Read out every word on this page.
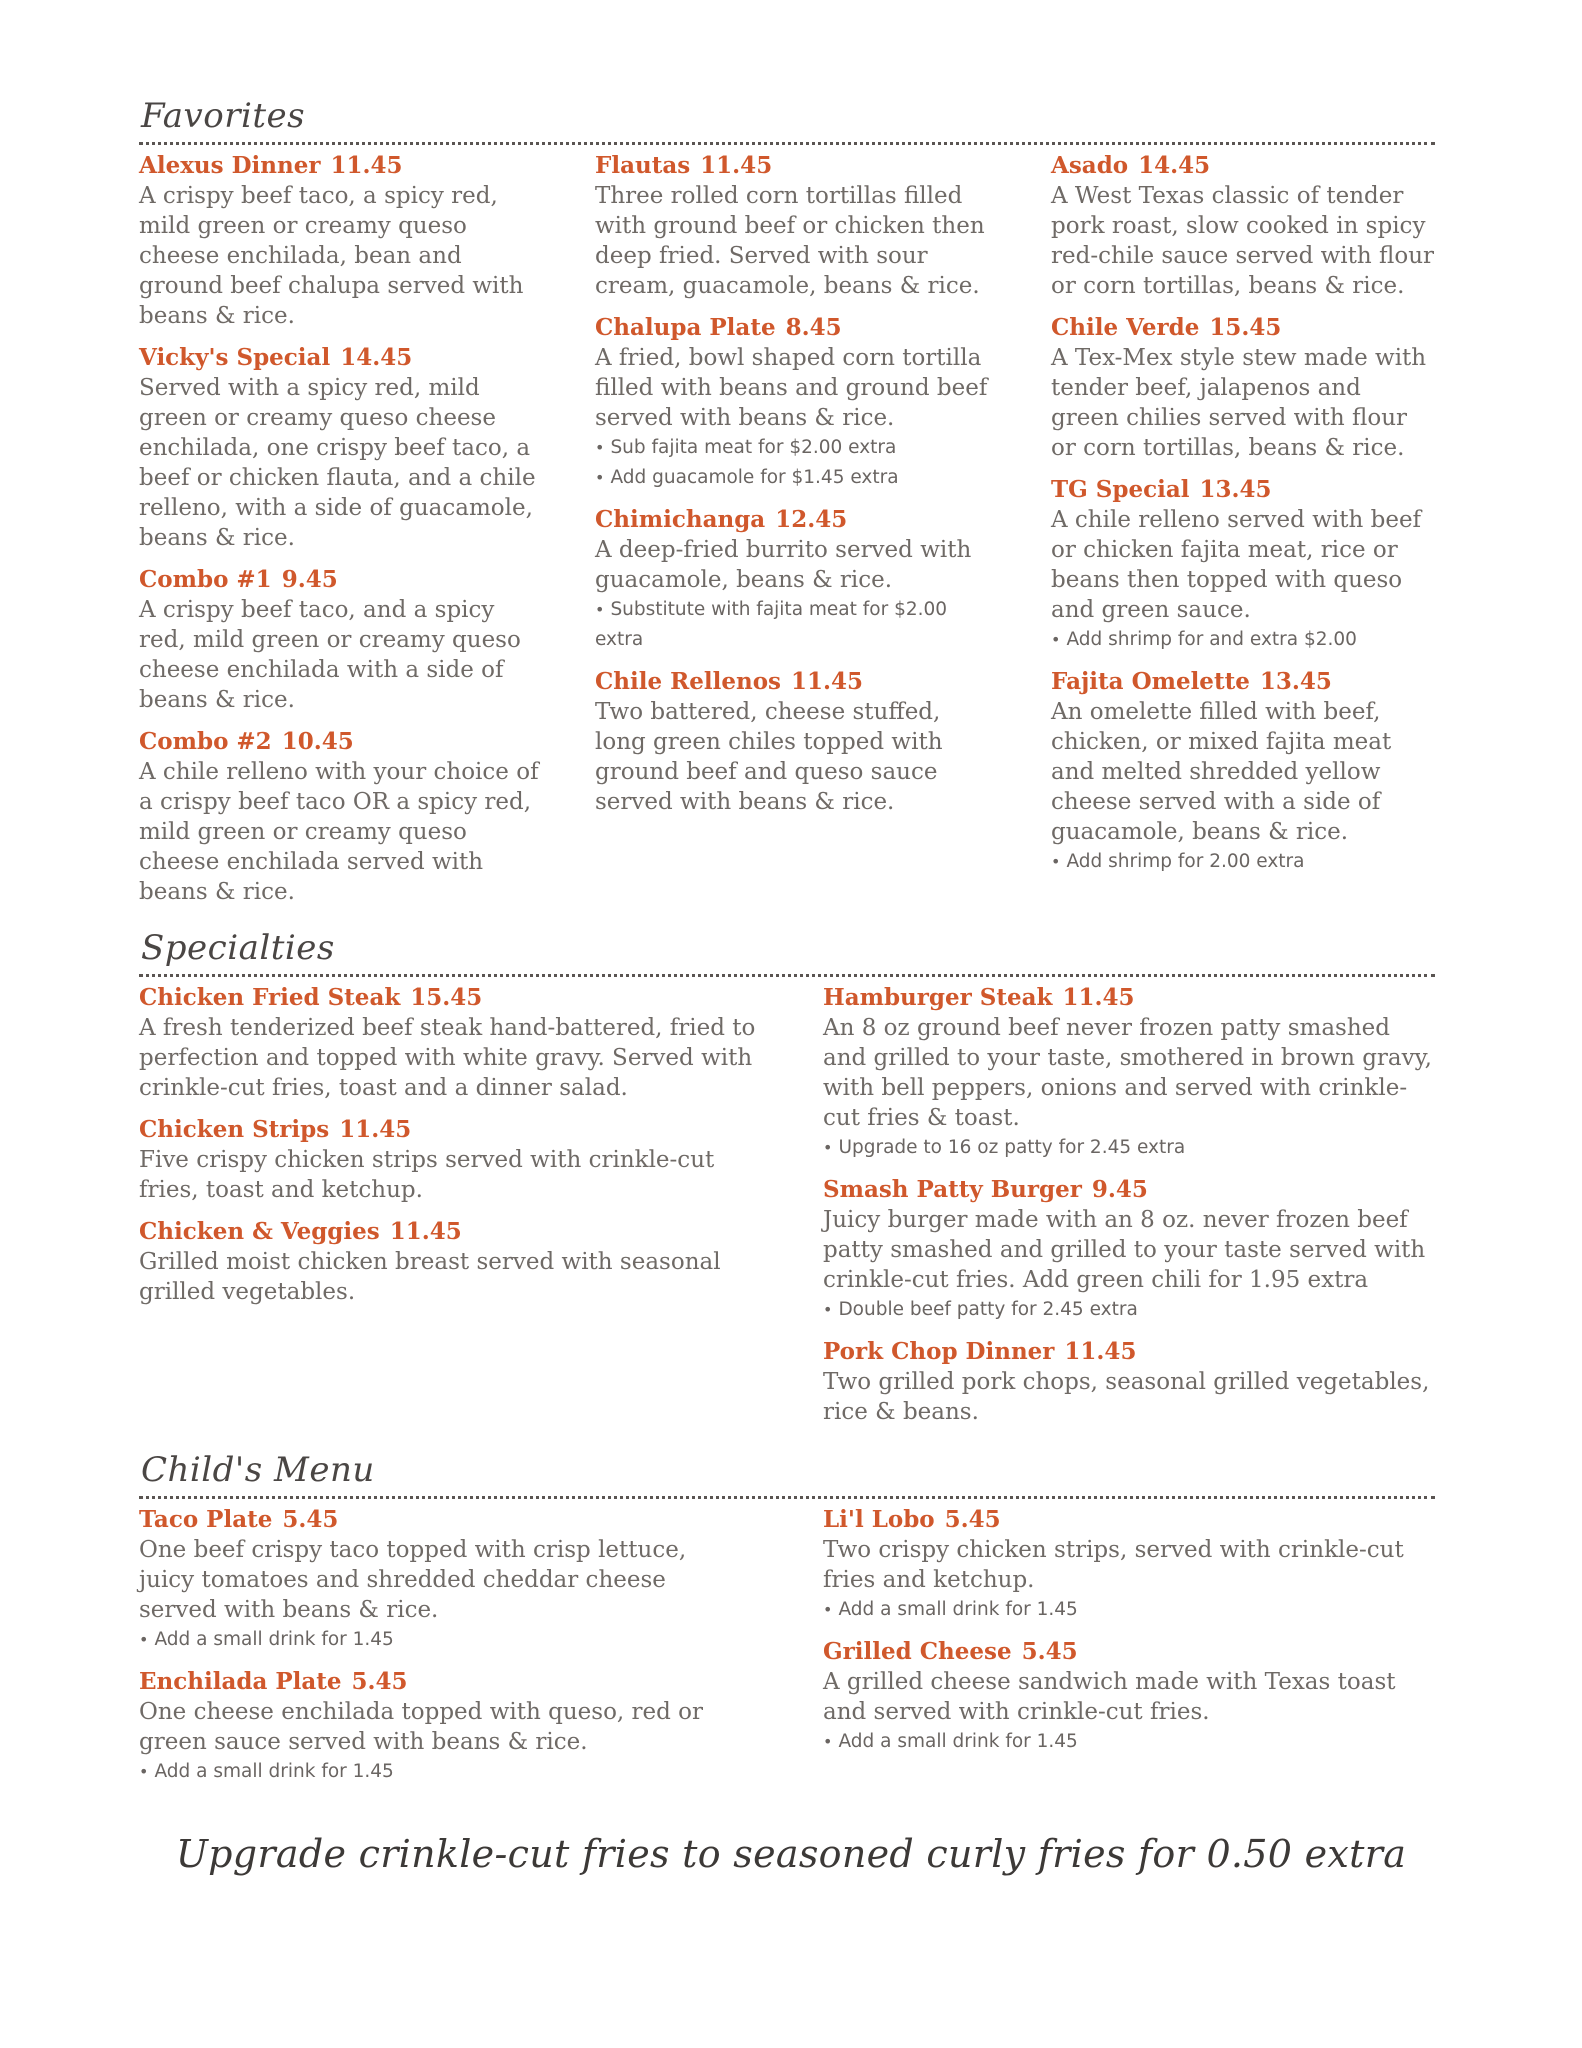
Favorites
Alexus Dinner 11.45
A crispy beef taco, a spicy red, mild green or creamy queso cheese enchilada, bean and ground beef chalupa served with beans & rice.
Vicky's Special 14.45
Served with a spicy red, mild green or creamy queso cheese enchilada, one crispy beef taco, a beef or chicken flauta, and a chile relleno, with a side of guacamole, beans & rice.
Combo #1 9.45
A crispy beef taco, and a spicy red, mild green or creamy queso cheese enchilada with a side of beans & rice.
Combo #2 10.45
A chile relleno with your choice of a crispy beef taco OR a spicy red, mild green or creamy queso cheese enchilada served with beans & rice.
Flautas 11.45
Three rolled corn tortillas filled with ground beef or chicken then deep fried. Served with sour cream, guacamole, beans & rice.
Chalupa Plate 8.45
A fried, bowl shaped corn tortilla filled with beans and ground beef served with beans & rice.
• Sub fajita meat for $2.00 extra
• Add guacamole for $1.45 extra
Chimichanga 12.45
A deep-fried burrito served with guacamole, beans & rice.
• Substitute with fajita meat for $2.00 extra
Chile Rellenos 11.45
Two battered, cheese stuffed, long green chiles topped with ground beef and queso sauce served with beans & rice.
Asado 14.45
A West Texas classic of tender pork roast, slow cooked in spicy red-chile sauce served with flour or corn tortillas, beans & rice.
Chile Verde 15.45
A Tex-Mex style stew made with tender beef, jalapenos and green chilies served with flour or corn tortillas, beans & rice.
TG Special 13.45
A chile relleno served with beef or chicken fajita meat, rice or beans then topped with queso and green sauce.
• Add shrimp for and extra $2.00
Fajita Omelette 13.45
An omelette filled with beef, chicken, or mixed fajita meat and melted shredded yellow cheese served with a side of guacamole, beans & rice.
• Add shrimp for 2.00 extra
Specialties
Chicken Fried Steak 15.45
A fresh tenderized beef steak hand-battered, fried to perfection and topped with white gravy. Served with crinkle-cut fries, toast and a dinner salad.
Chicken Strips 11.45
Five crispy chicken strips served with crinkle-cut fries, toast and ketchup.
Chicken & Veggies 11.45
Grilled moist chicken breast served with seasonal grilled vegetables.
Hamburger Steak 11.45
An 8 oz ground beef never frozen patty smashed and grilled to your taste, smothered in brown gravy, with bell peppers, onions and served with crinkle-cut fries & toast.
• Upgrade to 16 oz patty for 2.45 extra
Smash Patty Burger 9.45
Juicy burger made with an 8 oz. never frozen beef patty smashed and grilled to your taste served with crinkle-cut fries. Add green chili for 1.95 extra
• Double beef patty for 2.45 extra
Pork Chop Dinner 11.45
Two grilled pork chops, seasonal grilled vegetables, rice & beans.
Child's Menu
Taco Plate 5.45
One beef crispy taco topped with crisp lettuce, juicy tomatoes and shredded cheddar cheese served with beans & rice.
• Add a small drink for 1.45
Enchilada Plate 5.45
One cheese enchilada topped with queso, red or green sauce served with beans & rice.
• Add a small drink for 1.45
Li'l Lobo 5.45
Two crispy chicken strips, served with crinkle-cut fries and ketchup.
• Add a small drink for 1.45
Grilled Cheese 5.45
A grilled cheese sandwich made with Texas toast and served with crinkle-cut fries.
• Add a small drink for 1.45
Upgrade crinkle-cut fries to seasoned curly fries for 0.50 extra
